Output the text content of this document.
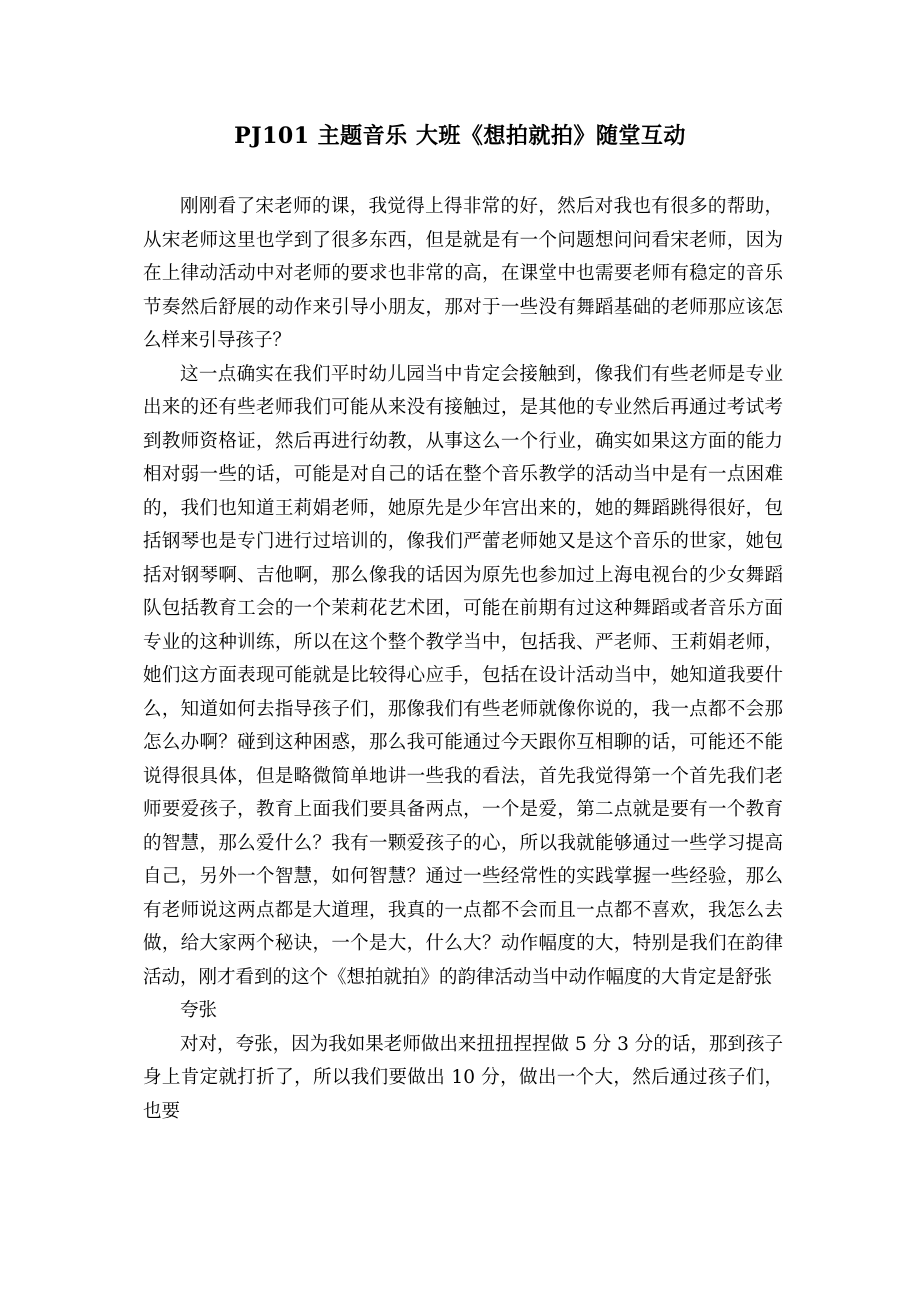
PJ101 主题音乐 大班《想拍就拍》随堂互动

刚刚看了宋老师的课，我觉得上得非常的好，然后对我也有很多的帮助，从宋老师这里也学到了很多东西，但是就是有一个问题想问问看宋老师，因为在上律动活动中对老师的要求也非常的高，在课堂中也需要老师有稳定的音乐节奏然后舒展的动作来引导小朋友，那对于一些没有舞蹈基础的老师那应该怎么样来引导孩子？

这一点确实在我们平时幼儿园当中肯定会接触到，像我们有些老师是专业出来的还有些老师我们可能从来没有接触过，是其他的专业然后再通过考试考到教师资格证，然后再进行幼教，从事这么一个行业，确实如果这方面的能力相对弱一些的话，可能是对自己的话在整个音乐教学的活动当中是有一点困难的，我们也知道王莉娟老师，她原先是少年宫出来的，她的舞蹈跳得很好，包括钢琴也是专门进行过培训的，像我们严蕾老师她又是这个音乐的世家，她包括对钢琴啊、吉他啊，那么像我的话因为原先也参加过上海电视台的少女舞蹈队包括教育工会的一个茉莉花艺术团，可能在前期有过这种舞蹈或者音乐方面专业的这种训练，所以在这个整个教学当中，包括我、严老师、王莉娟老师，她们这方面表现可能就是比较得心应手，包括在设计活动当中，她知道我要什么，知道如何去指导孩子们，那像我们有些老师就像你说的，我一点都不会那怎么办啊？碰到这种困惑，那么我可能通过今天跟你互相聊的话，可能还不能说得很具体，但是略微简单地讲一些我的看法，首先我觉得第一个首先我们老师要爱孩子，教育上面我们要具备两点，一个是爱，第二点就是要有一个教育的智慧，那么爱什么？我有一颗爱孩子的心，所以我就能够通过一些学习提高自己，另外一个智慧，如何智慧？通过一些经常性的实践掌握一些经验，那么有老师说这两点都是大道理，我真的一点都不会而且一点都不喜欢，我怎么去做，给大家两个秘诀，一个是大，什么大？动作幅度的大，特别是我们在韵律活动，刚才看到的这个《想拍就拍》的韵律活动当中动作幅度的大肯定是舒张

夸张

对对，夸张，因为我如果老师做出来扭扭捏捏做 5 分 3 分的话，那到孩子身上肯定就打折了，所以我们要做出 10 分，做出一个大，然后通过孩子们，也要
